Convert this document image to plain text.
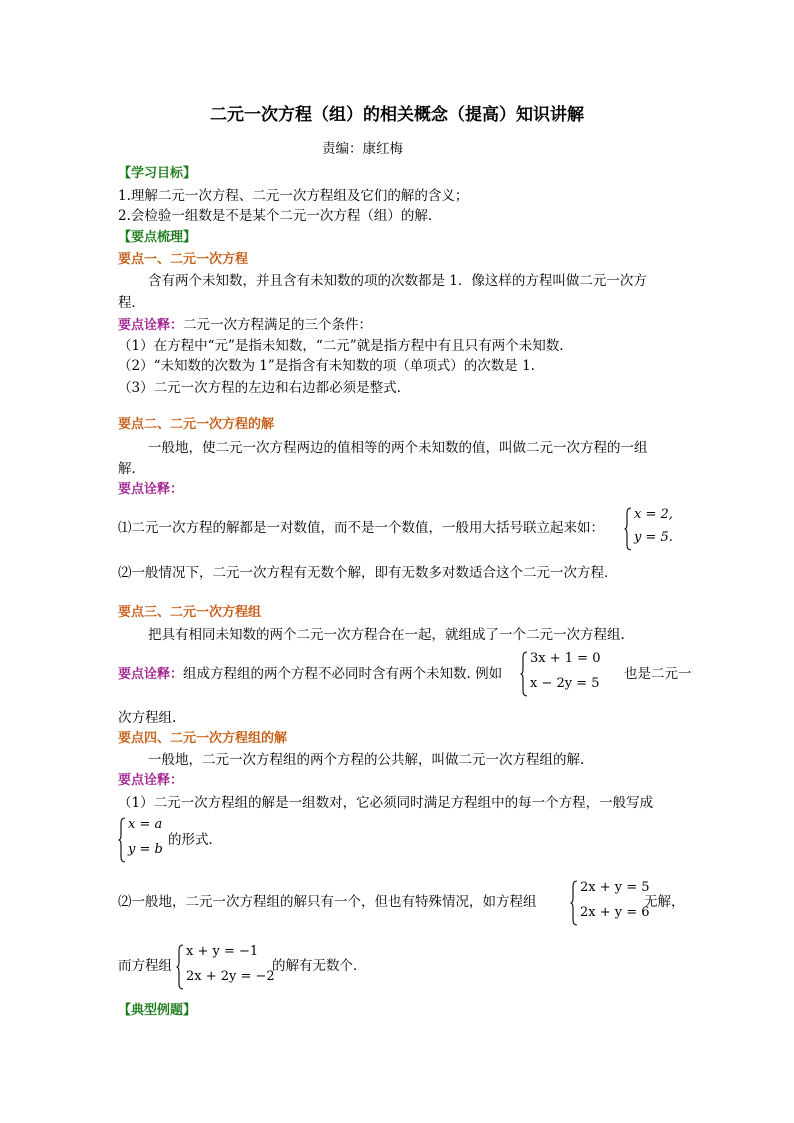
二元一次方程（组）的相关概念（提高）知识讲解
责编：康红梅
【学习目标】
1.理解二元一次方程、二元一次方程组及它们的解的含义；
2.会检验一组数是不是某个二元一次方程（组）的解.
【要点梳理】
要点一、二元一次方程
含有两个未知数，并且含有未知数的项的次数都是 1．像这样的方程叫做二元一次方
程．
要点诠释：二元一次方程满足的三个条件：
（1）在方程中“元”是指未知数，“二元”就是指方程中有且只有两个未知数.
（2）“未知数的次数为 1”是指含有未知数的项（单项式）的次数是 1.
（3）二元一次方程的左边和右边都必须是整式.
要点二、二元一次方程的解
一般地，使二元一次方程两边的值相等的两个未知数的值，叫做二元一次方程的一组
解．
要点诠释：
⑴二元一次方程的解都是一对数值，而不是一个数值，一般用大括号联立起来如：
x = 2,
y = 5.
⑵一般情况下，二元一次方程有无数个解，即有无数多对数适合这个二元一次方程．
要点三、二元一次方程组
把具有相同未知数的两个二元一次方程合在一起，就组成了一个二元一次方程组.
要点诠释：组成方程组的两个方程不必同时含有两个未知数. 例如
3x + 1 = 0
x − 2y = 5
也是二元一
次方程组.
要点四、二元一次方程组的解
一般地，二元一次方程组的两个方程的公共解，叫做二元一次方程组的解.
要点诠释：
（1）二元一次方程组的解是一组数对，它必须同时满足方程组中的每一个方程，一般写成
x = a
y = b
的形式．
⑵一般地，二元一次方程组的解只有一个，但也有特殊情况，如方程组
2x + y = 5
2x + y = 6
无解，
而方程组
x + y = −1
2x + 2y = −2
的解有无数个．
【典型例题】
